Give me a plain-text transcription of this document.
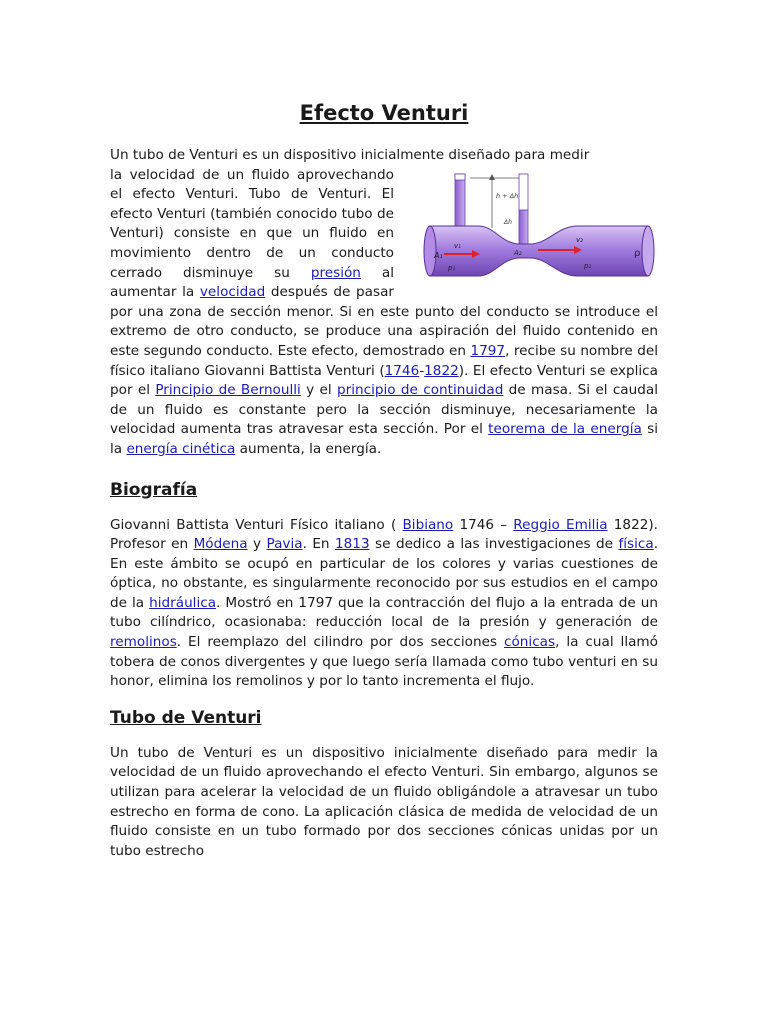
Efecto Venturi

Un tubo de Venturi es un dispositivo inicialmente diseñado para medir

h + Δh
Δh
A₁
v₁
p₁
A₂
v₂
p₂
ρ

la velocidad de un fluido aprovechando el efecto Venturi. Tubo de Venturi. El efecto Venturi (también conocido tubo de Venturi) consiste en que un fluido en movimiento dentro de un conducto cerrado disminuye su presión al aumentar la velocidad después de pasar por una zona de sección menor. Si en este punto del conducto se introduce el extremo de otro conducto, se produce una aspiración del fluido contenido en este segundo conducto. Este efecto, demostrado en 1797, recibe su nombre del físico italiano Giovanni Battista Venturi (1746-1822). El efecto Venturi se explica por el Principio de Bernoulli y el principio de continuidad de masa. Si el caudal de un fluido es constante pero la sección disminuye, necesariamente la velocidad aumenta tras atravesar esta sección. Por el teorema de la energía si la energía cinética aumenta, la energía.

Biografía

Giovanni Battista Venturi Físico italiano ( Bibiano 1746 – Reggio Emilia 1822). Profesor en Módena y Pavia. En 1813 se dedico a las investigaciones de física. En este ámbito se ocupó en particular de los colores y varias cuestiones de óptica, no obstante, es singularmente reconocido por sus estudios en el campo de la hidráulica. Mostró en 1797 que la contracción del flujo a la entrada de un tubo cilíndrico, ocasionaba: reducción local de la presión y generación de remolinos. El reemplazo del cilindro por dos secciones cónicas, la cual llamó tobera de conos divergentes y que luego sería llamada como tubo venturi en su honor, elimina los remolinos y por lo tanto incrementa el flujo.

Tubo de Venturi

Un tubo de Venturi es un dispositivo inicialmente diseñado para medir la velocidad de un fluido aprovechando el efecto Venturi. Sin embargo, algunos se utilizan para acelerar la velocidad de un fluido obligándole a atravesar un tubo estrecho en forma de cono. La aplicación clásica de medida de velocidad de un fluido consiste en un tubo formado por dos secciones cónicas unidas por un tubo estrecho
